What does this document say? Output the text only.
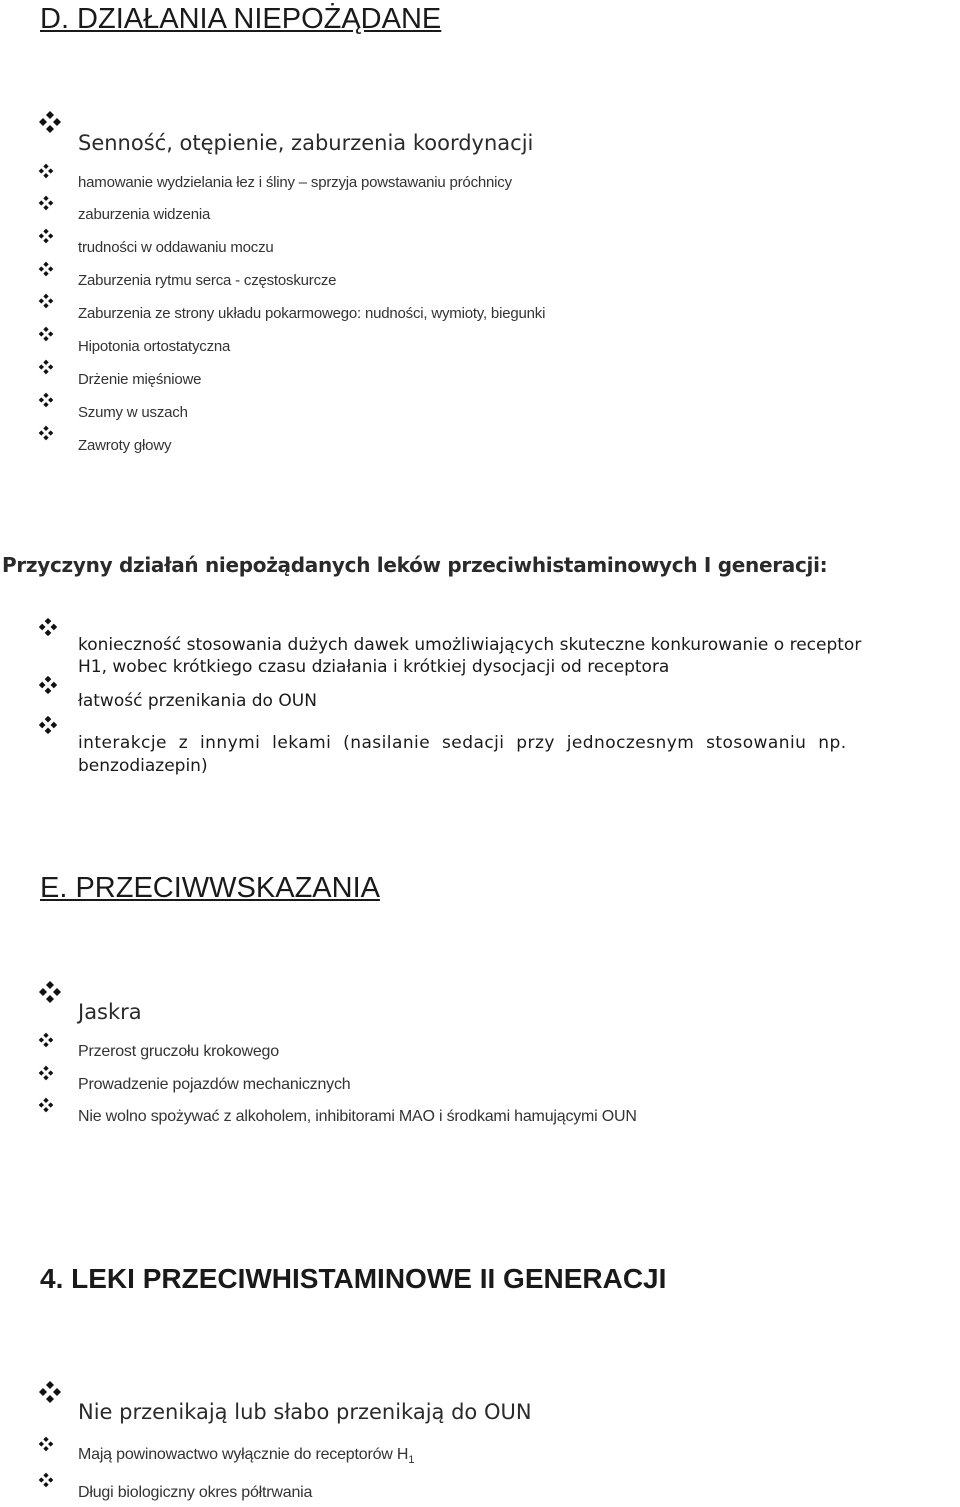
D. DZIAŁANIA NIEPOŻĄDANE
Senność, otępienie, zaburzenia koordynacji
hamowanie wydzielania łez i śliny – sprzyja powstawaniu próchnicy
zaburzenia widzenia
trudności w oddawaniu moczu
Zaburzenia rytmu serca - częstoskurcze
Zaburzenia ze strony układu pokarmowego: nudności, wymioty, biegunki
Hipotonia ortostatyczna
Drżenie mięśniowe
Szumy w uszach
Zawroty głowy
Przyczyny działań niepożądanych leków przeciwhistaminowych I generacji:
konieczność stosowania dużych dawek umożliwiających skuteczne konkurowanie o receptor
H1, wobec krótkiego czasu działania i krótkiej dysocjacji od receptora
łatwość przenikania do OUN
interakcje z innymi lekami (nasilanie sedacji przy jednoczesnym stosowaniu np.
benzodiazepin)
E. PRZECIWWSKAZANIA
Jaskra
Przerost gruczołu krokowego
Prowadzenie pojazdów mechanicznych
Nie wolno spożywać z alkoholem, inhibitorami MAO i środkami hamującymi OUN
4. LEKI PRZECIWHISTAMINOWE II GENERACJI
Nie przenikają lub słabo przenikają do OUN
Mają powinowactwo wyłącznie do receptorów $H_1$
Długi biologiczny okres półtrwania
